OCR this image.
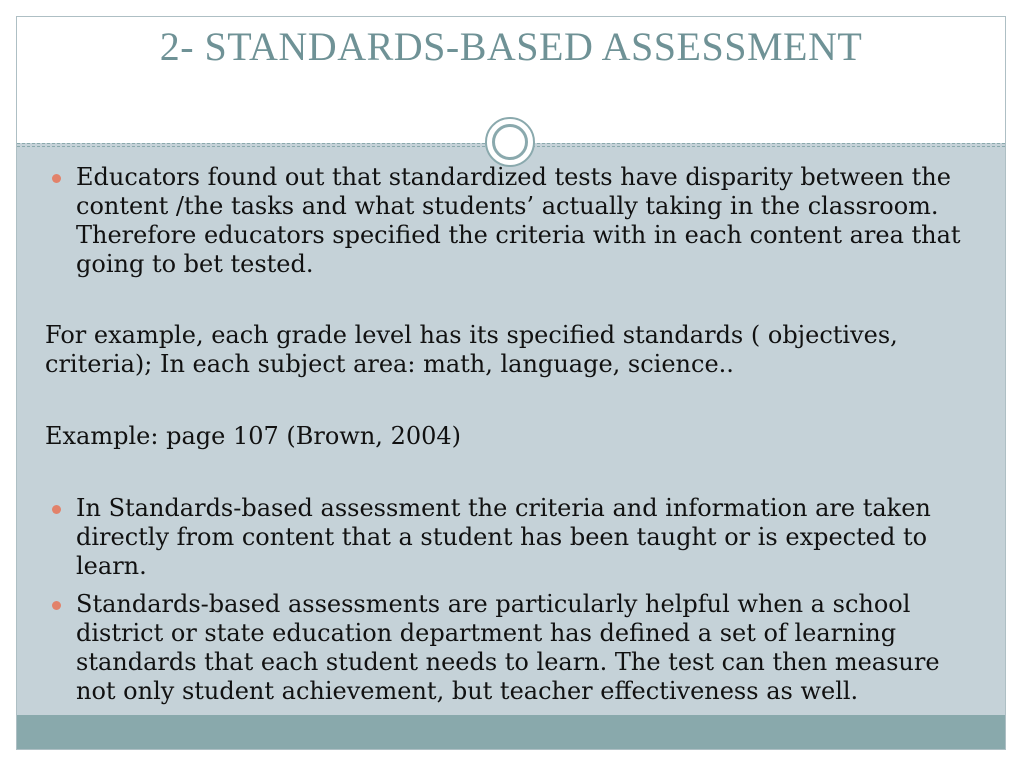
2- STANDARDS-BASED ASSESSMENT

Educators found out that standardized tests have disparity between the content /the tasks and what students’ actually taking in the classroom. Therefore educators specified the criteria with in each content area that going to bet tested.

For example, each grade level has its specified standards ( objectives, criteria); In each subject area: math, language, science..

Example: page 107 (Brown, 2004)

In Standards-based assessment the criteria and information are taken directly from content that a student has been taught or is expected to learn.

Standards-based assessments are particularly helpful when a school district or state education department has defined a set of learning standards that each student needs to learn. The test can then measure not only student achievement, but teacher effectiveness as well.
